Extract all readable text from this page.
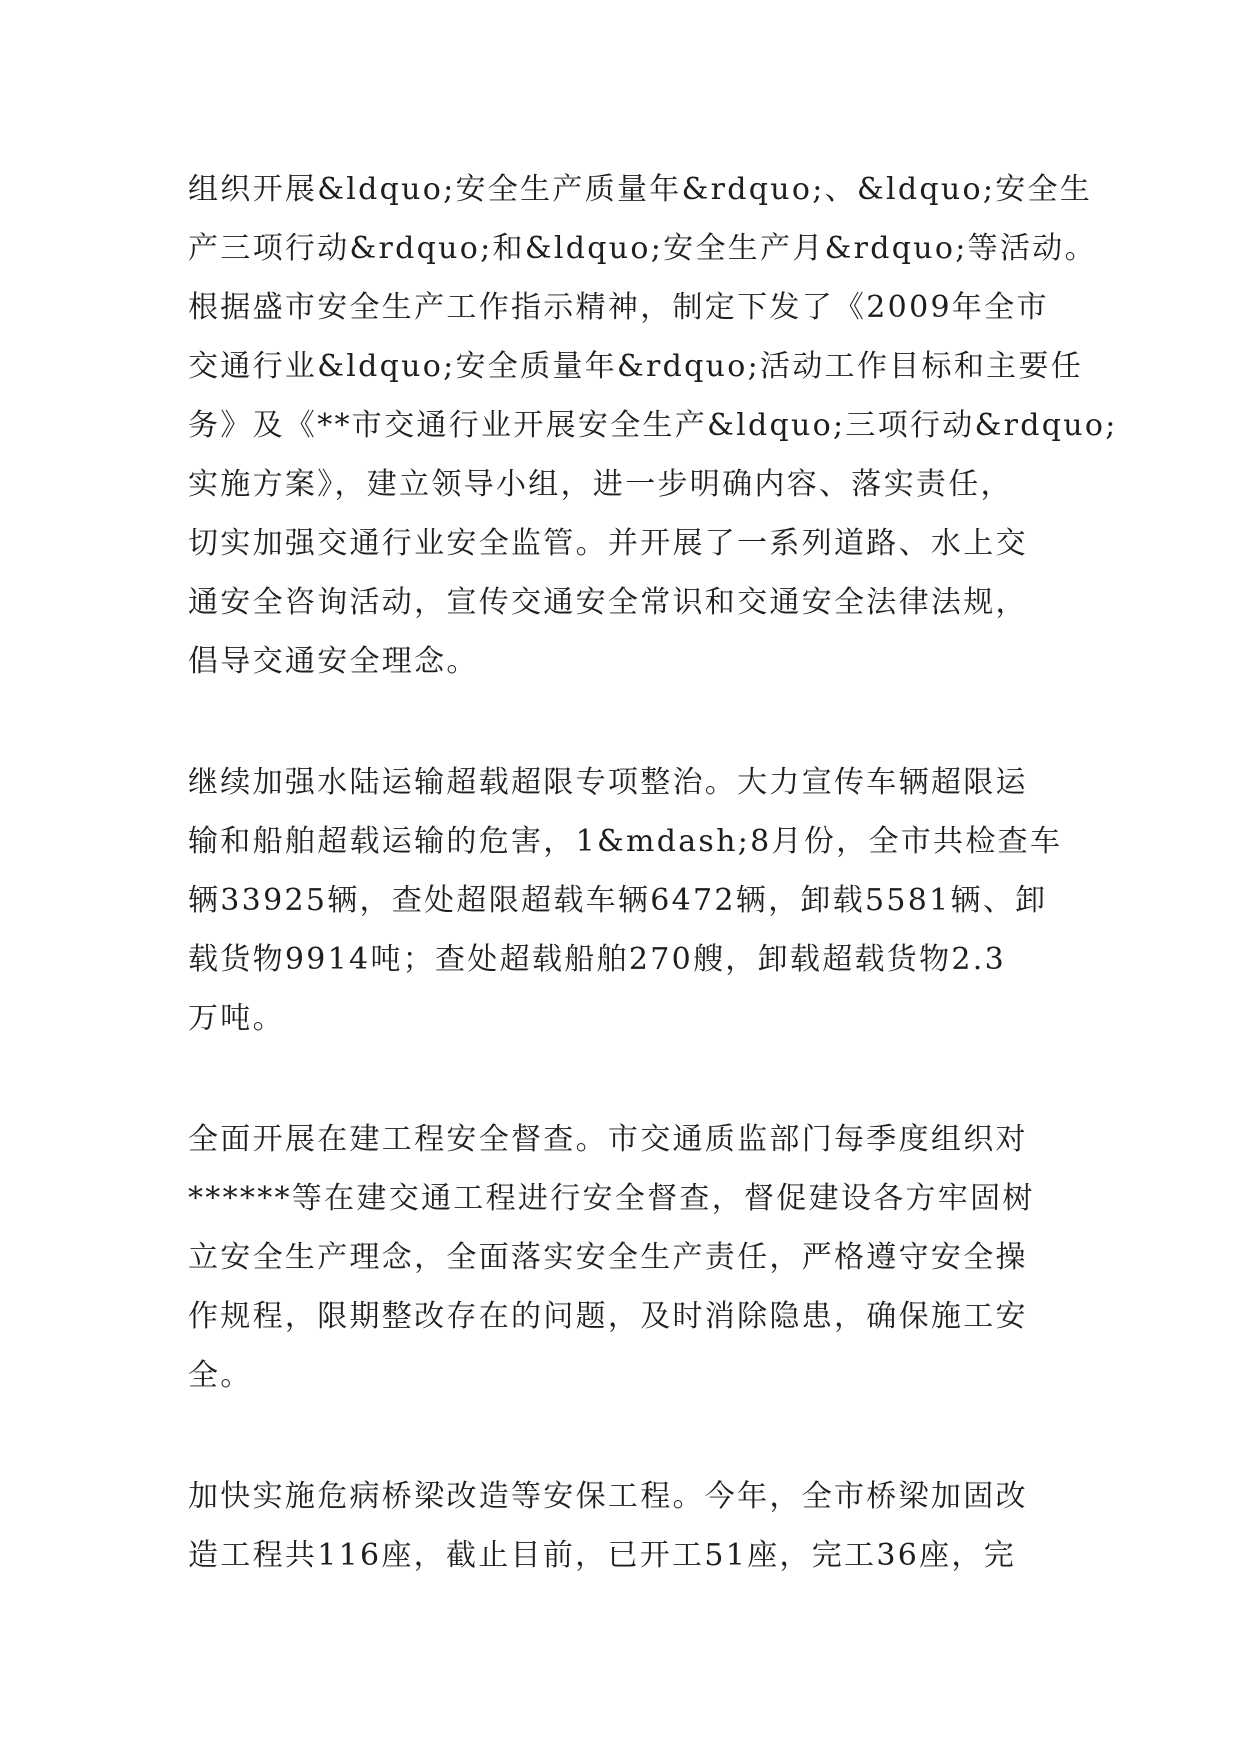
组织开展&ldquo;安全生产质量年&rdquo;、&ldquo;安全生
产三项行动&rdquo;和&ldquo;安全生产月&rdquo;等活动。
根据盛市安全生产工作指示精神，制定下发了《2009年全市
交通行业&ldquo;安全质量年&rdquo;活动工作目标和主要任
务》及《**市交通行业开展安全生产&ldquo;三项行动&rdquo;
实施方案》，建立领导小组，进一步明确内容、落实责任，
切实加强交通行业安全监管。并开展了一系列道路、水上交
通安全咨询活动，宣传交通安全常识和交通安全法律法规，
倡导交通安全理念。
继续加强水陆运输超载超限专项整治。大力宣传车辆超限运
输和船舶超载运输的危害，1&mdash;8月份，全市共检查车
辆33925辆，查处超限超载车辆6472辆，卸载5581辆、卸
载货物9914吨；查处超载船舶270艘，卸载超载货物2.3
万吨。
全面开展在建工程安全督查。市交通质监部门每季度组织对
******等在建交通工程进行安全督查，督促建设各方牢固树
立安全生产理念，全面落实安全生产责任，严格遵守安全操
作规程，限期整改存在的问题，及时消除隐患，确保施工安
全。
加快实施危病桥梁改造等安保工程。今年，全市桥梁加固改
造工程共116座，截止目前，已开工51座，完工36座，完
